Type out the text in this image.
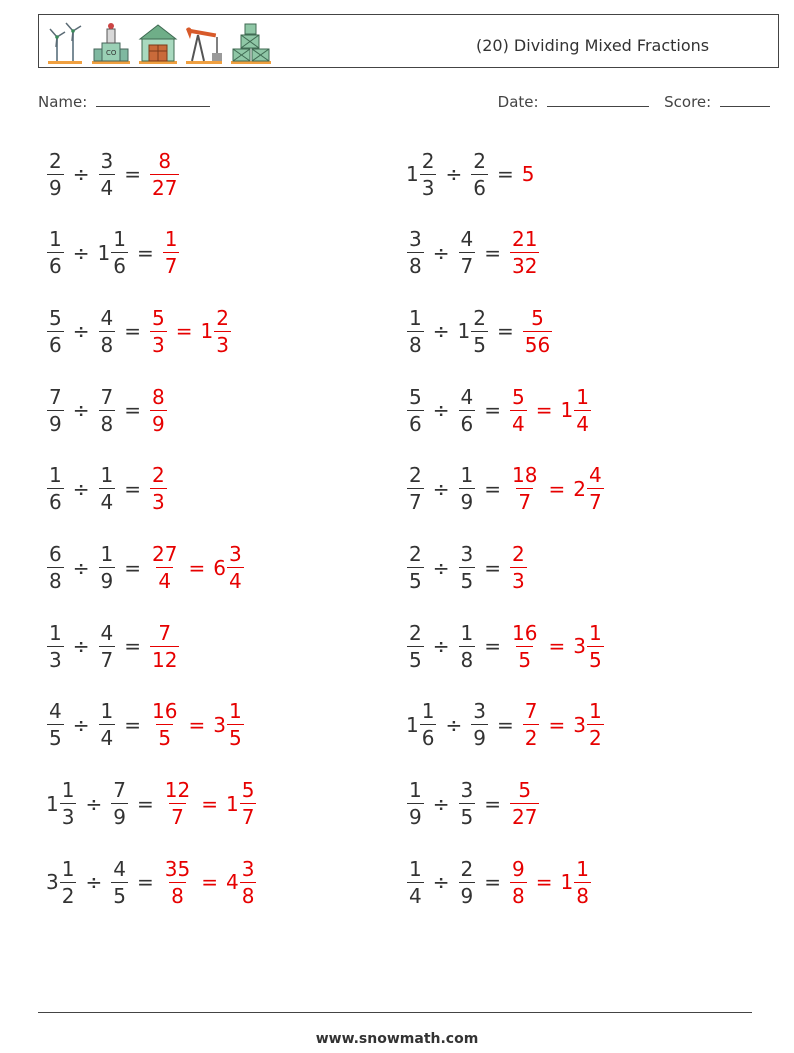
CO	(20) Dividing Mixed Fractions
Name:	Date:	Score:
$\frac{2}{9} \div \frac{3}{4} = \frac{8}{27}$	$1 \frac{2}{3} \div \frac{2}{6} = 5$
$\frac{1}{6} \div 1 \frac{1}{6} = \frac{1}{7}$	$\frac{3}{8} \div \frac{4}{7} = \frac{21}{32}$
$\frac{5}{6} \div \frac{4}{8} = \frac{5}{3} = 1 \frac{2}{3}$	$\frac{1}{8} \div 1 \frac{2}{5} = \frac{5}{56}$
$\frac{7}{9} \div \frac{7}{8} = \frac{8}{9}$	$\frac{5}{6} \div \frac{4}{6} = \frac{5}{4} = 1 \frac{1}{4}$
$\frac{1}{6} \div \frac{1}{4} = \frac{2}{3}$	$\frac{2}{7} \div \frac{1}{9} = \frac{18}{7} = 2 \frac{4}{7}$
$\frac{6}{8} \div \frac{1}{9} = \frac{27}{4} = 6 \frac{3}{4}$	$\frac{2}{5} \div \frac{3}{5} = \frac{2}{3}$
$\frac{1}{3} \div \frac{4}{7} = \frac{7}{12}$	$\frac{2}{5} \div \frac{1}{8} = \frac{16}{5} = 3 \frac{1}{5}$
$\frac{4}{5} \div \frac{1}{4} = \frac{16}{5} = 3 \frac{1}{5}$	$1 \frac{1}{6} \div \frac{3}{9} = \frac{7}{2} = 3 \frac{1}{2}$
$1 \frac{1}{3} \div \frac{7}{9} = \frac{12}{7} = 1 \frac{5}{7}$	$\frac{1}{9} \div \frac{3}{5} = \frac{5}{27}$
$3 \frac{1}{2} \div \frac{4}{5} = \frac{35}{8} = 4 \frac{3}{8}$	$\frac{1}{4} \div \frac{2}{9} = \frac{9}{8} = 1 \frac{1}{8}$
www.snowmath.com
